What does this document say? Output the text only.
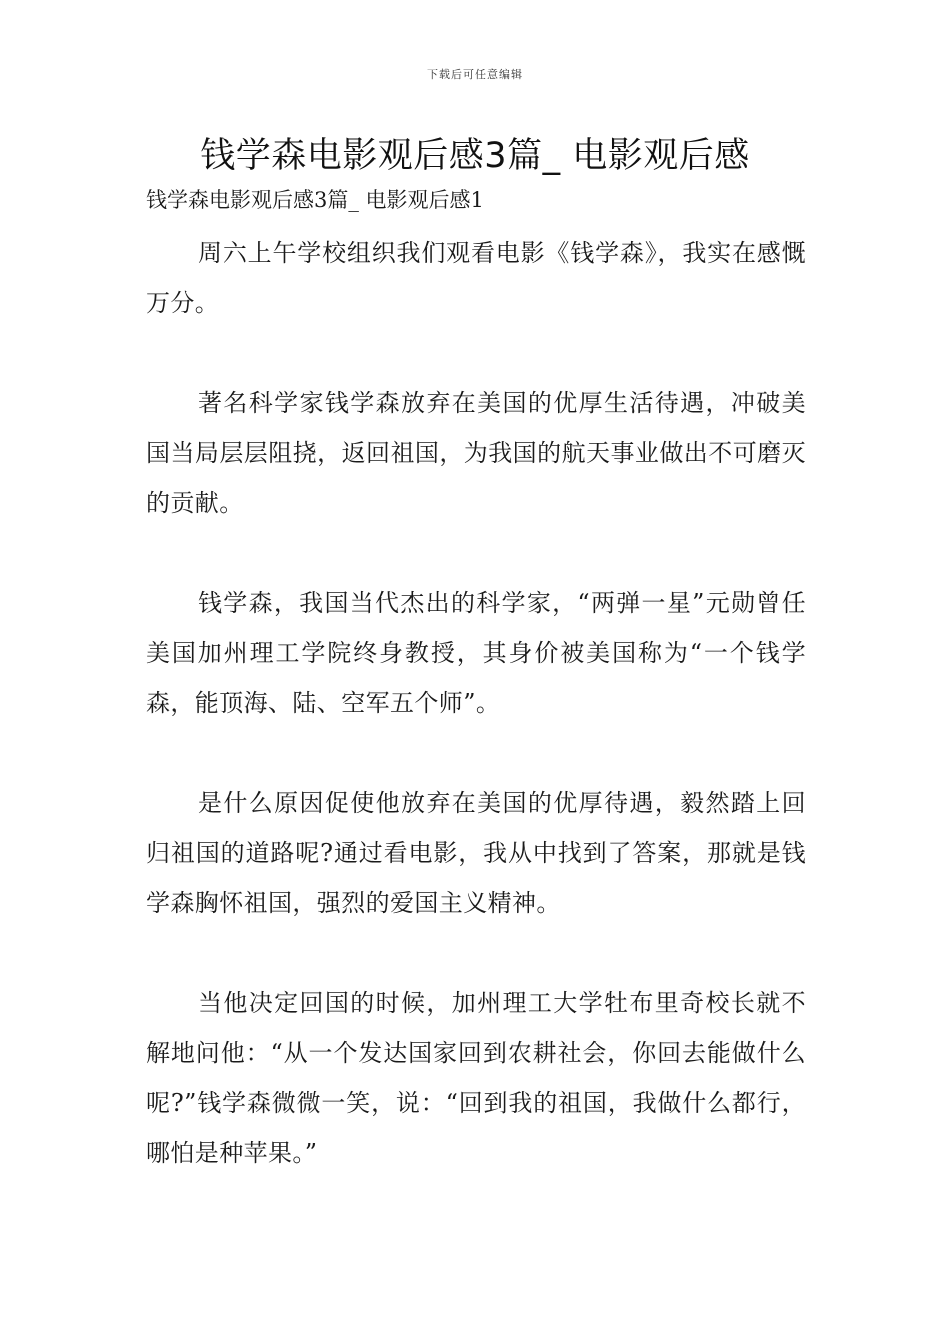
下载后可任意编辑
钱学森电影观后感3篇_ 电影观后感
钱学森电影观后感3篇_ 电影观后感1

周六上午学校组织我们观看电影《钱学森》，我实在感慨万分。

著名科学家钱学森放弃在美国的优厚生活待遇，冲破美国当局层层阻挠，返回祖国，为我国的航天事业做出不可磨灭的贡献。

钱学森，我国当代杰出的科学家，“两弹一星”元勋曾任美国加州理工学院终身教授，其身价被美国称为“一个钱学森，能顶海、陆、空军五个师”。

是什么原因促使他放弃在美国的优厚待遇，毅然踏上回归祖国的道路呢?通过看电影，我从中找到了答案，那就是钱学森胸怀祖国，强烈的爱国主义精神。

当他决定回国的时候，加州理工大学牡布里奇校长就不解地问他：“从一个发达国家回到农耕社会，你回去能做什么呢?”钱学森微微一笑，说：“回到我的祖国，我做什么都行，哪怕是种苹果。”
